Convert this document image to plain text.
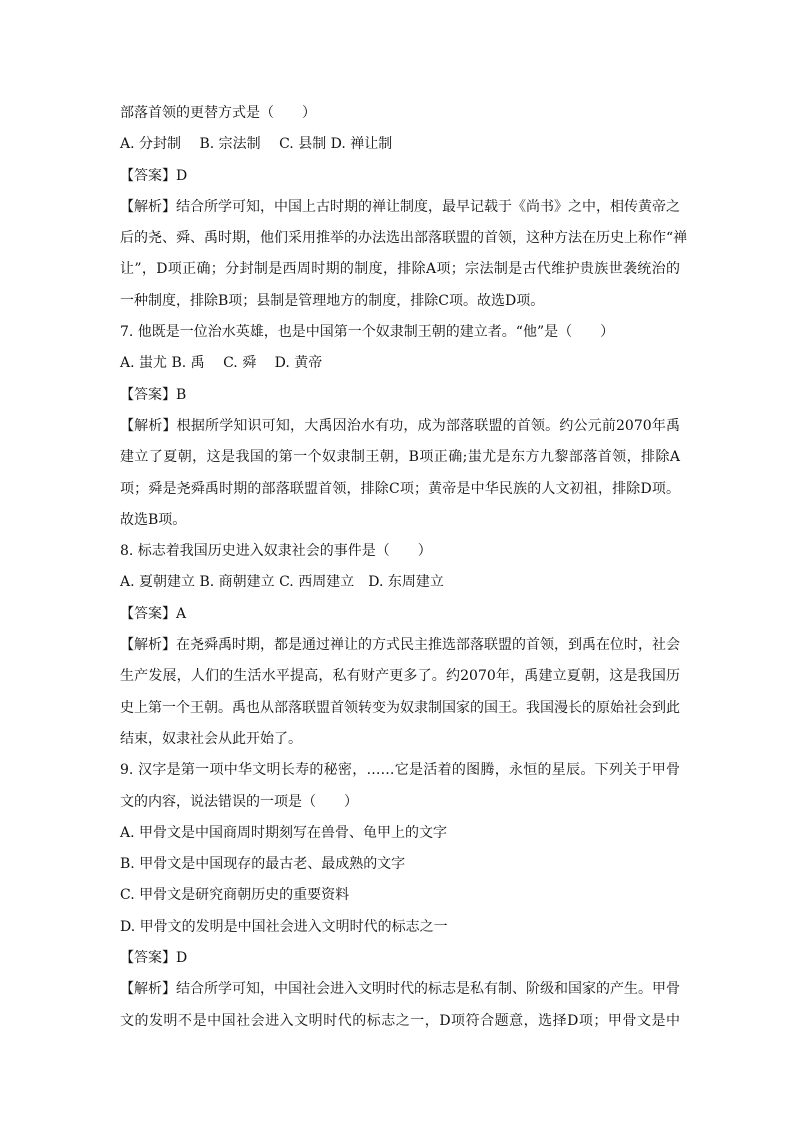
部落首领的更替方式是（　　）
A. 分封制　 B. 宗法制　 C. 县制 D. 禅让制
【答案】D
【解析】结合所学可知，中国上古时期的禅让制度，最早记载于《尚书》之中，相传黄帝之
后的尧、舜、禹时期，他们采用推举的办法选出部落联盟的首领，这种方法在历史上称作“禅
让”，D项正确；分封制是西周时期的制度，排除A项；宗法制是古代维护贵族世袭统治的
一种制度，排除B项；县制是管理地方的制度，排除C项。故选D项。
7. 他既是一位治水英雄，也是中国第一个奴隶制王朝的建立者。“他”是（　　）
A. 蚩尤 B. 禹　 C. 舜　 D. 黄帝
【答案】B
【解析】根据所学知识可知，大禹因治水有功，成为部落联盟的首领。约公元前2070年禹
建立了夏朝，这是我国的第一个奴隶制王朝，B项正确;蚩尤是东方九黎部落首领，排除A
项；舜是尧舜禹时期的部落联盟首领，排除C项；黄帝是中华民族的人文初祖，排除D项。
故选B项。
8. 标志着我国历史进入奴隶社会的事件是（　　）
A. 夏朝建立 B. 商朝建立 C. 西周建立　D. 东周建立
【答案】A
【解析】在尧舜禹时期，都是通过禅让的方式民主推选部落联盟的首领，到禹在位时，社会
生产发展，人们的生活水平提高，私有财产更多了。约2070年，禹建立夏朝，这是我国历
史上第一个王朝。禹也从部落联盟首领转变为奴隶制国家的国王。我国漫长的原始社会到此
结束，奴隶社会从此开始了。
9. 汉字是第一项中华文明长寿的秘密，……它是活着的图腾，永恒的星辰。下列关于甲骨
文的内容，说法错误的一项是（　　）
A. 甲骨文是中国商周时期刻写在兽骨、龟甲上的文字
B. 甲骨文是中国现存的最古老、最成熟的文字
C. 甲骨文是研究商朝历史的重要资料
D. 甲骨文的发明是中国社会进入文明时代的标志之一
【答案】D
【解析】结合所学可知，中国社会进入文明时代的标志是私有制、阶级和国家的产生。甲骨
文的发明不是中国社会进入文明时代的标志之一，D项符合题意，选择D项；甲骨文是中
